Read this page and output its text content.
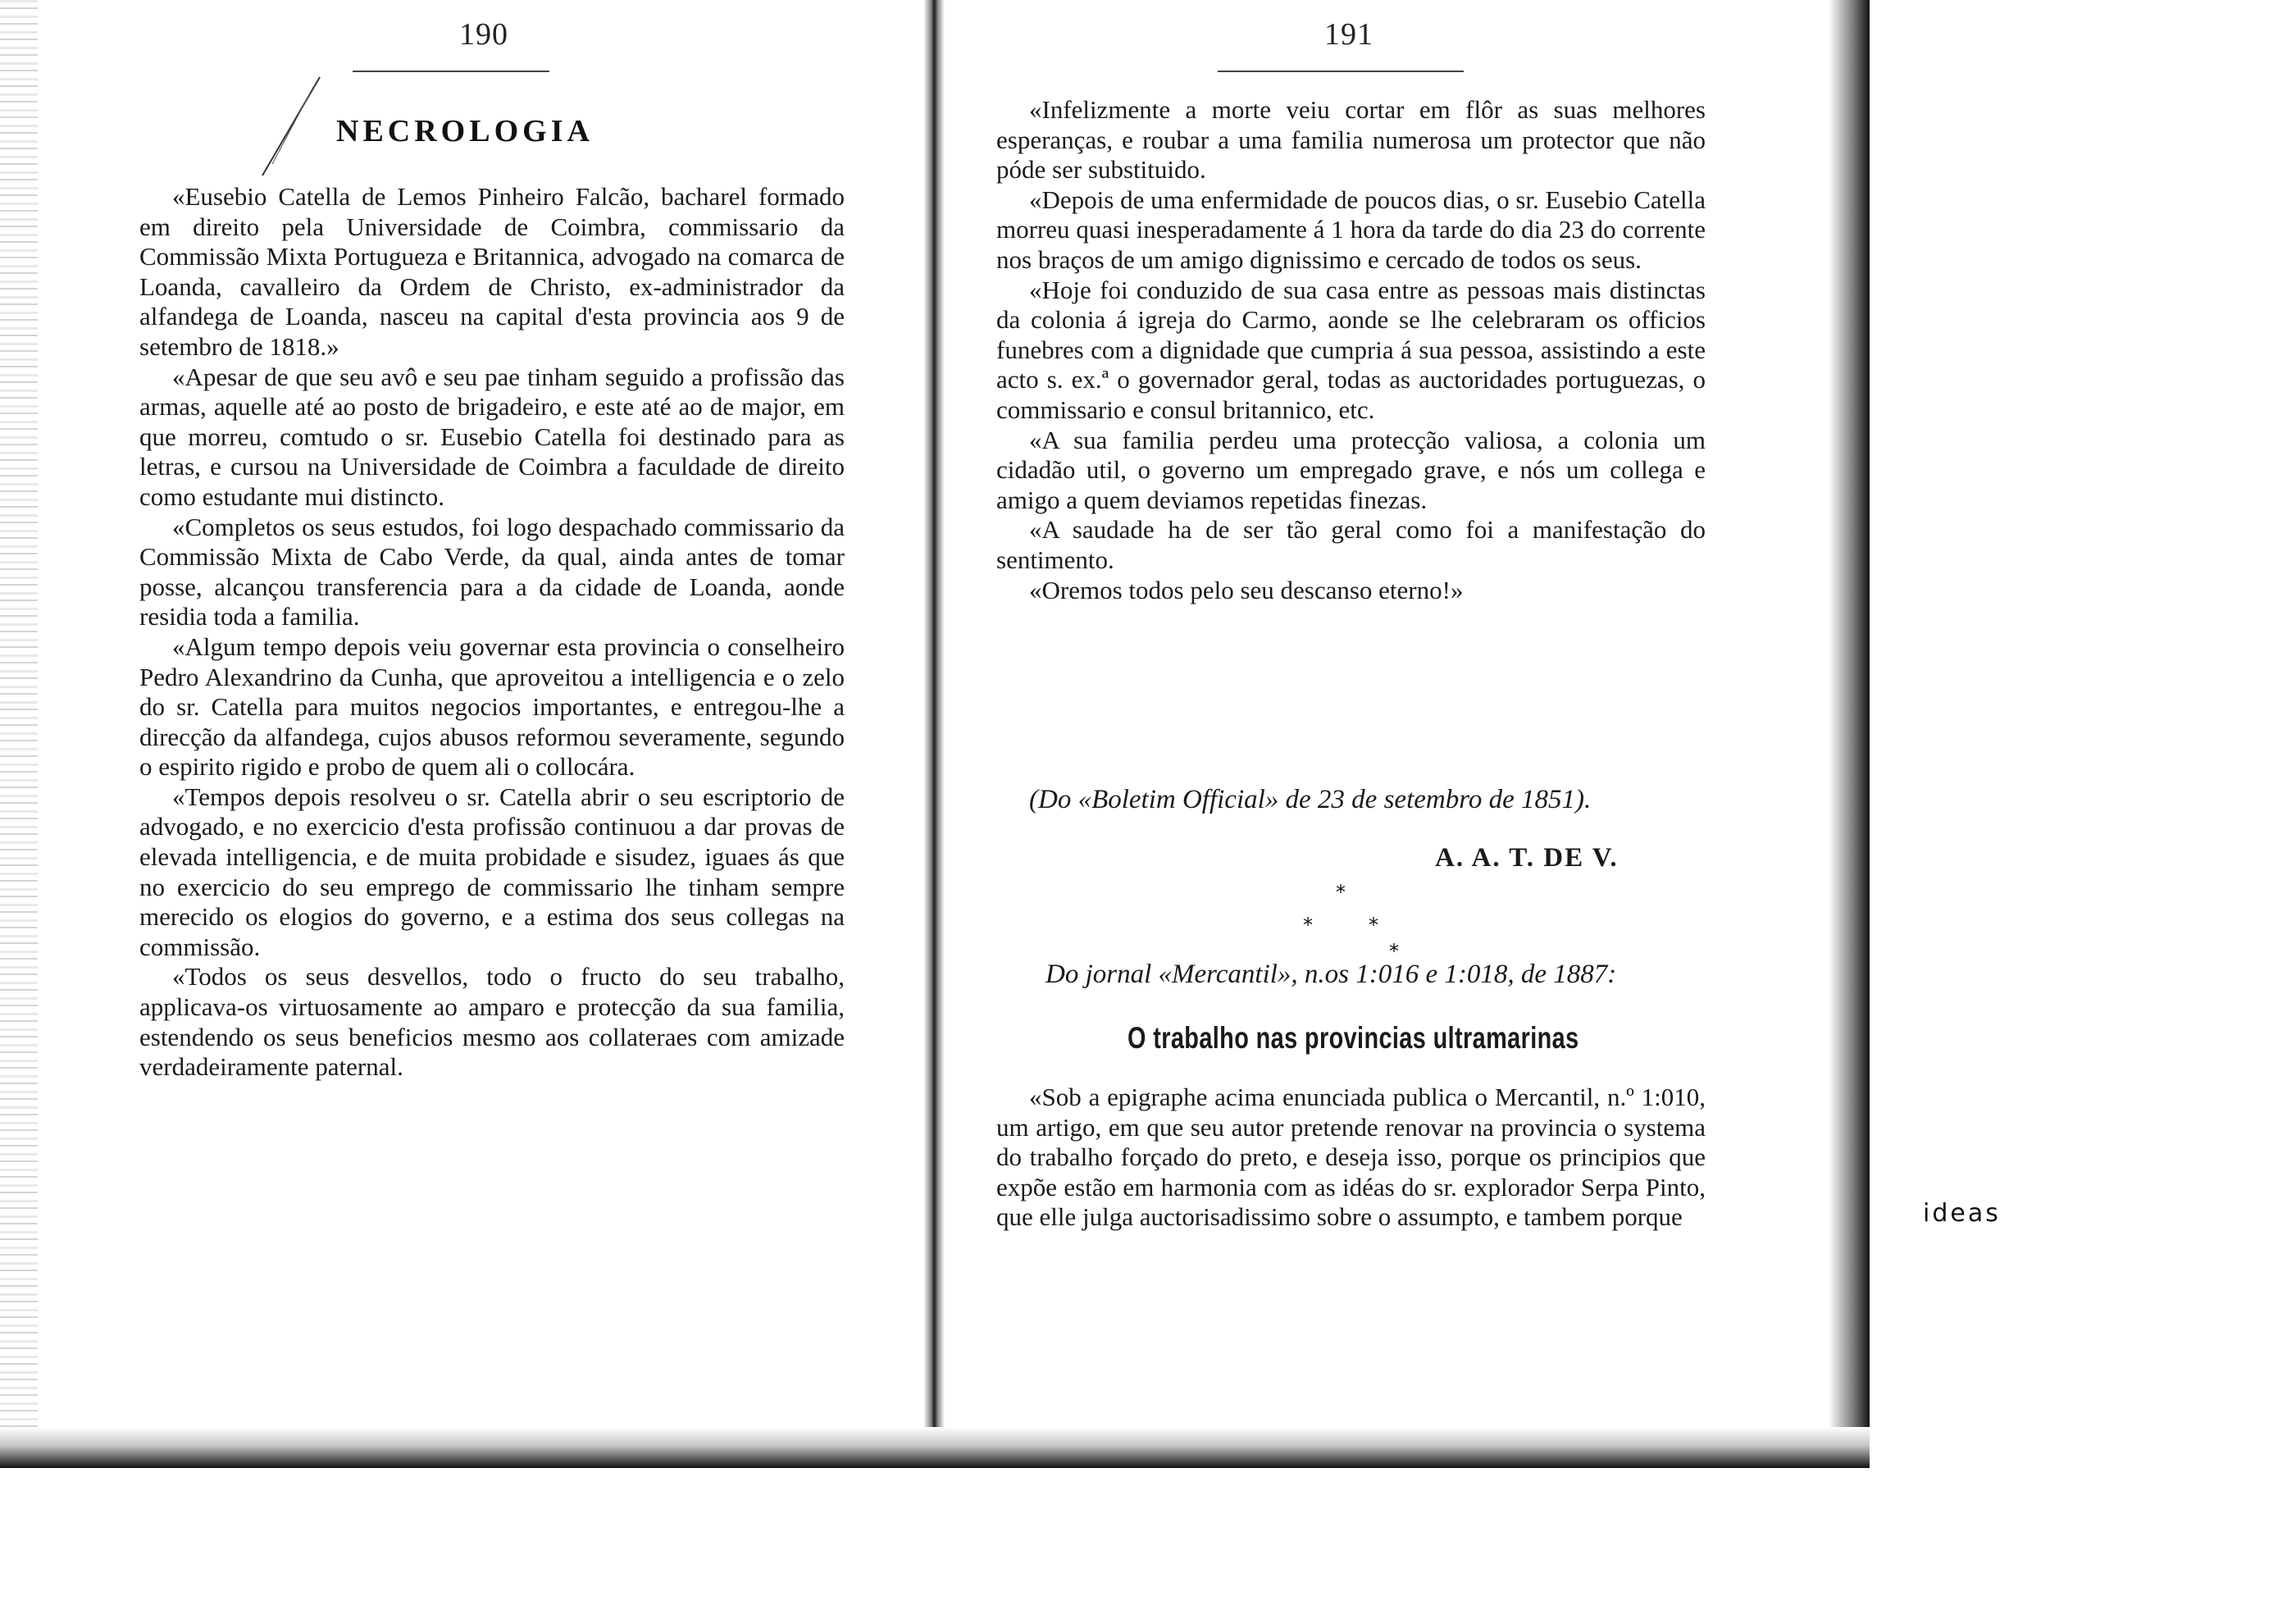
190
NECROLOGIA

«Eusebio Catella de Lemos Pinheiro Falcão, bacharel formado em direito pela Universidade de Coimbra, commissario da Commissão Mixta Portugueza e Britannica, advogado na comarca de Loanda, cavalleiro da Ordem de Christo, ex-administrador da alfandega de Loanda, nasceu na capital d'esta provincia aos 9 de setembro de 1818.»

«Apesar de que seu avô e seu pae tinham seguido a profissão das armas, aquelle até ao posto de brigadeiro, e este até ao de major, em que morreu, comtudo o sr. Eusebio Catella foi destinado para as letras, e cursou na Universidade de Coimbra a faculdade de direito como estudante mui distincto.

«Completos os seus estudos, foi logo despachado commissario da Commissão Mixta de Cabo Verde, da qual, ainda antes de tomar posse, alcançou transferencia para a da cidade de Loanda, aonde residia toda a familia.

«Algum tempo depois veiu governar esta provincia o conselheiro Pedro Alexandrino da Cunha, que aproveitou a intelligencia e o zelo do sr. Catella para muitos negocios importantes, e entregou-lhe a direcção da alfandega, cujos abusos reformou severamente, segundo o espirito rigido e probo de quem ali o collocára.

«Tempos depois resolveu o sr. Catella abrir o seu escriptorio de advogado, e no exercicio d'esta profissão continuou a dar provas de elevada intelligencia, e de muita probidade e sisudez, iguaes ás que no exercicio do seu emprego de commissario lhe tinham sempre merecido os elogios do governo, e a estima dos seus collegas na commissão.

«Todos os seus desvellos, todo o fructo do seu trabalho, applicava-os virtuosamente ao amparo e protecção da sua familia, estendendo os seus beneficios mesmo aos collateraes com amizade verdadeiramente paternal.

191

«Infelizmente a morte veiu cortar em flôr as suas melhores esperanças, e roubar a uma familia numerosa um protector que não póde ser substituido.

«Depois de uma enfermidade de poucos dias, o sr. Eusebio Catella morreu quasi inesperadamente á 1 hora da tarde do dia 23 do corrente nos braços de um amigo dignissimo e cercado de todos os seus.

«Hoje foi conduzido de sua casa entre as pessoas mais distinctas da colonia á igreja do Carmo, aonde se lhe celebraram os officios funebres com a dignidade que cumpria á sua pessoa, assistindo a este acto s. ex.ª o governador geral, todas as auctoridades portuguezas, o commissario e consul britannico, etc.

«A sua familia perdeu uma protecção valiosa, a colonia um cidadão util, o governo um empregado grave, e nós um collega e amigo a quem deviamos repetidas finezas.

«A saudade ha de ser tão geral como foi a manifestação do sentimento.

«Oremos todos pelo seu descanso eterno!»

(Do «Boletim Official» de 23 de setembro de 1851).
A. A. T. DE V.
*
*	*
*
Do jornal «Mercantil», n.os 1:016 e 1:018, de 1887:
O trabalho nas provincias ultramarinas

«Sob a epigraphe acima enunciada publica o Mercantil, n.º 1:010, um artigo, em que seu autor pretende renovar na provincia o systema do trabalho forçado do preto, e deseja isso, porque os principios que expõe estão em harmonia com as idéas do sr. explorador Serpa Pinto, que elle julga auctorisadissimo sobre o assumpto, e tambem porque	ideas
